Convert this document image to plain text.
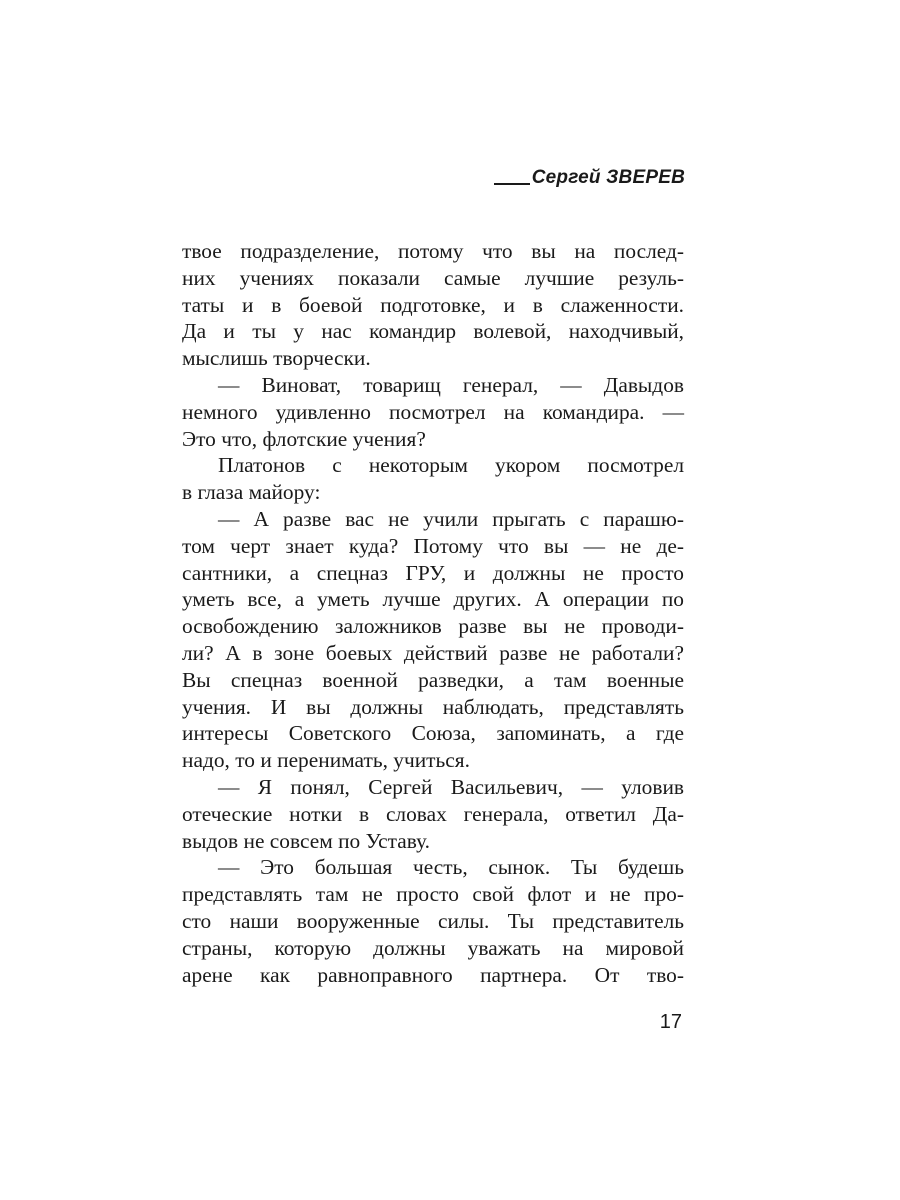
Сергей ЗВЕРЕВ
твое подразделение, потому что вы на послед-
них учениях показали самые лучшие резуль-
таты и в боевой подготовке, и в слаженности.
Да и ты у нас командир волевой, находчивый,
мыслишь творчески.
— Виноват, товарищ генерал, — Давыдов
немного удивленно посмотрел на командира. —
Это что, флотские учения?
Платонов с некоторым укором посмотрел
в глаза майору:
— А разве вас не учили прыгать с парашю-
том черт знает куда? Потому что вы — не де-
сантники, а спецназ ГРУ, и должны не просто
уметь все, а уметь лучше других. А операции по
освобождению заложников разве вы не проводи-
ли? А в зоне боевых действий разве не работали?
Вы спецназ военной разведки, а там военные
учения. И вы должны наблюдать, представлять
интересы Советского Союза, запоминать, а где
надо, то и перенимать, учиться.
— Я понял, Сергей Васильевич, — уловив
отеческие нотки в словах генерала, ответил Да-
выдов не совсем по Уставу.
— Это большая честь, сынок. Ты будешь
представлять там не просто свой флот и не про-
сто наши вооруженные силы. Ты представитель
страны, которую должны уважать на мировой
арене как равноправного партнера. От тво-
17
